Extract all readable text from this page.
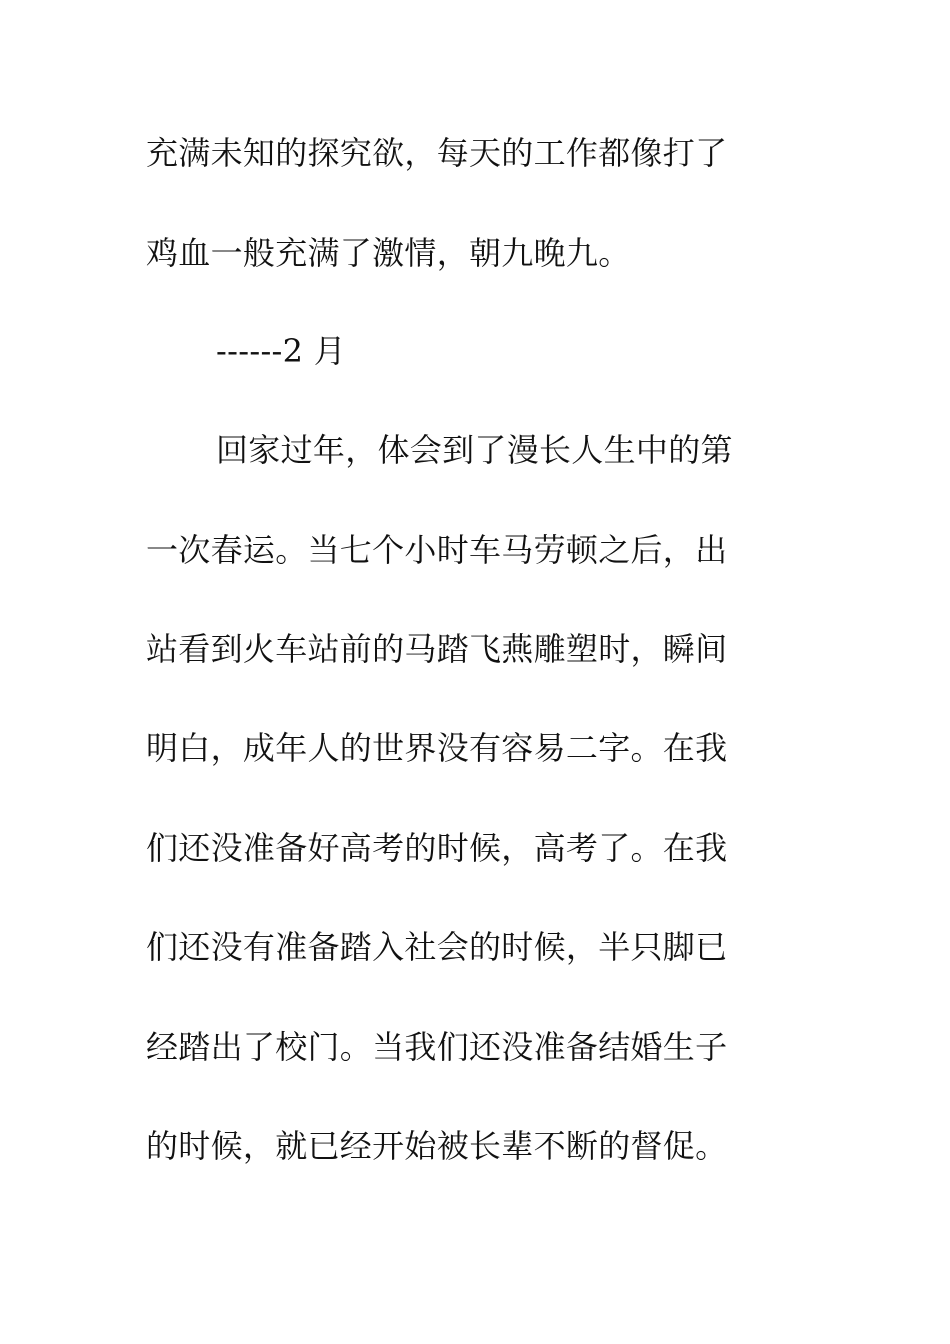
充满未知的探究欲，每天的工作都像打了
鸡血一般充满了激情，朝九晚九。
------2 月
回家过年，体会到了漫长人生中的第
一次春运。当七个小时车马劳顿之后，出
站看到火车站前的马踏飞燕雕塑时，瞬间
明白，成年人的世界没有容易二字。在我
们还没准备好高考的时候，高考了。在我
们还没有准备踏入社会的时候，半只脚已
经踏出了校门。当我们还没准备结婚生子
的时候，就已经开始被长辈不断的督促。
